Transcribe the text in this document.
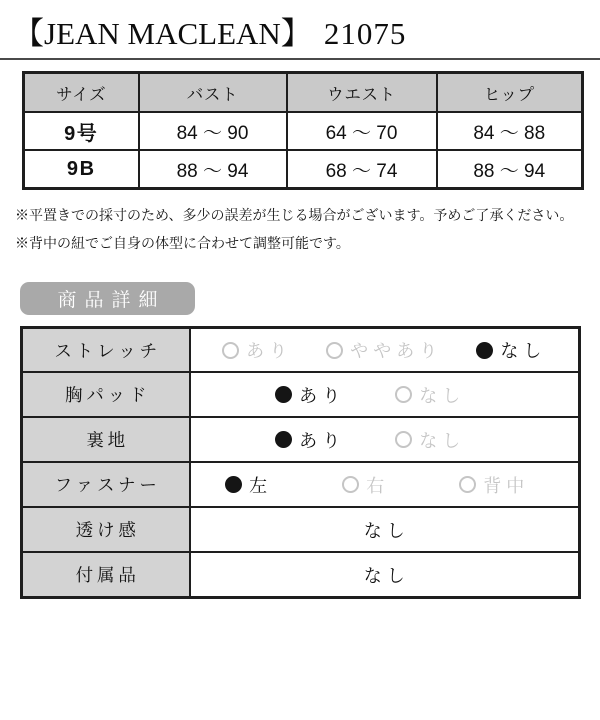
【JEAN MACLEAN】 21075
サイズ	バスト	ウエスト	ヒップ
9号	84 ～ 90	64 ～ 70	84 ～ 88
9B	88 ～ 94	68 ～ 74	88 ～ 94

※平置きでの採寸のため、多少の誤差が生じる場合がございます。予めご了承ください。

※背中の紐でご自身の体型に合わせて調整可能です。

商品詳細
ストレッチ	あり ややあり なし

胸パッド	あり なし

裏地	あり なし

ファスナー	左 右 背中

透け感	なし
付属品	なし
